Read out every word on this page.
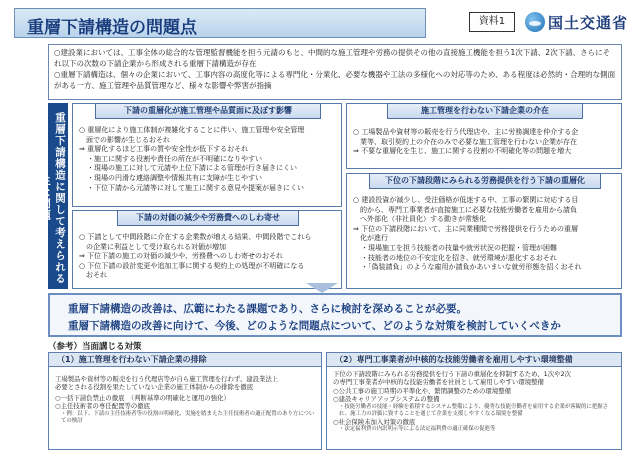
重層下請構造の問題点	資料1	国土交通省

○建設業においては、工事全体の総合的な管理監督機能を担う元請のもと、中間的な施工管理や労務の提供その他の直接施工機能を担う1次下請、2次下請、さらにそれ以下の次数の下請企業から形成される重層下請構造が存在

○重層下請構造は、個々の企業において、工事内容の高度化等による専門化・分業化、必要な機器や工法の多様化への対応等のため、ある程度は必然的・合理的な側面がある一方、施工管理や品質管理など、様々な影響や弊害が指摘

重層下請構造に関して考えられる主な問題
下請の重層化が施工管理や品質面に及ぼす影響

○ 重層化により施工体制が複雑化することに伴い、施工管理や安全管理

　面での影響が生じるおそれ

⇒ 重層化するほど工事の質や安全性が低下するおそれ

・施工に関する役割や責任の所在が不明確になりやすい

・現場の施工に対して元請や上位下請による管理が行き届きにくい

・現場の円滑な連絡調整や情報共有に支障が生じやすい

・下位下請から元請等に対して施工に関する意見や提案が届きにくい

下請の対価の減少や労務費へのしわ寄せ

○ 下請として中間段階に介在する企業数が増える結果、中間段階でこれら

　の企業に利益として受け取られる対価が増加

⇒ 下位下請の施工の対価の減少や、労務費へのしわ寄せのおそれ

○ 下位下請の設計変更や追加工事に関する契約上の処理が不明確になる

　おそれ

施工管理を行わない下請企業の介在

○ 工場製品や資材等の販売を行う代理店や、主に労務調達を仲介する企

　業等、取引契約上の介在のみで必要な施工管理を行わない企業が存在

⇒ 不要な重層化を生じ、施工に関する役割の不明確化等の問題を増大

下位の下請段階にみられる労務提供を行う下請の重層化

○ 建設投資が減少し、受注価格が低迷する中、工事の繁閑に対応する目

　的から、専門工事業者が直接施工に必要な技能労働者を雇用から請負

　へ外部化（非社員化）する動きが常態化

⇒ 下位の下請段階において、主に同業種間で労務提供を行うための重層

　化が進行

・現場施工を担う技能者の技量や就労状況の把握・管理が困難

・技能者の地位の不安定化を招き、就労環境が悪化するおそれ

・「偽装請負」のような雇用か請負かあいまいな就労形態を招くおそれ

重層下請構造の改善は、広範にわたる課題であり、さらに検討を深めることが必要。
重層下請構造の改善に向けて、今後、どのような問題点について、どのような対策を検討していくべきか
（参考）当面講じる対策
（1）施工管理を行わない下請企業の排除

工場製品や資材等の販売を行う代理店等が自ら施工管理を行わず、建設業法上

必要とされる役割を果たしていない企業の施工体制からの排除を徹底

○一括下請負禁止の徹底　（判断基準の明確化と運用の強化）

○主任技術者の専任配置等の徹底

・例：以下、下請の主任技術者等の役割の明確化、実施を踏まえた主任技術者の適正配置のあり方についての検討

（2）専門工事業者が中核的な技能労働者を雇用しやすい環境整備

下位の下請段階にみられる労務提供を行う下請の重層化を抑制するため、1次や2次

の専門工事業者が中核的な技能労働者を社員として雇用しやすい環境整備

○公共工事の施工時期の平準化や、繁閑調整のための環境整備

○建設キャリアアップシステムの整備

・技能労働者の技能・経験を蓄積するシステム整備により、優秀な技能労働者を雇用する企業が客観的に把握され、施工力の評価に資することを通じて企業を支援しやすくなる環境を整備

○社会保険未加入対策の徹底

・法定福利費の内訳明示等による法定福利費の適正確保の促進等
